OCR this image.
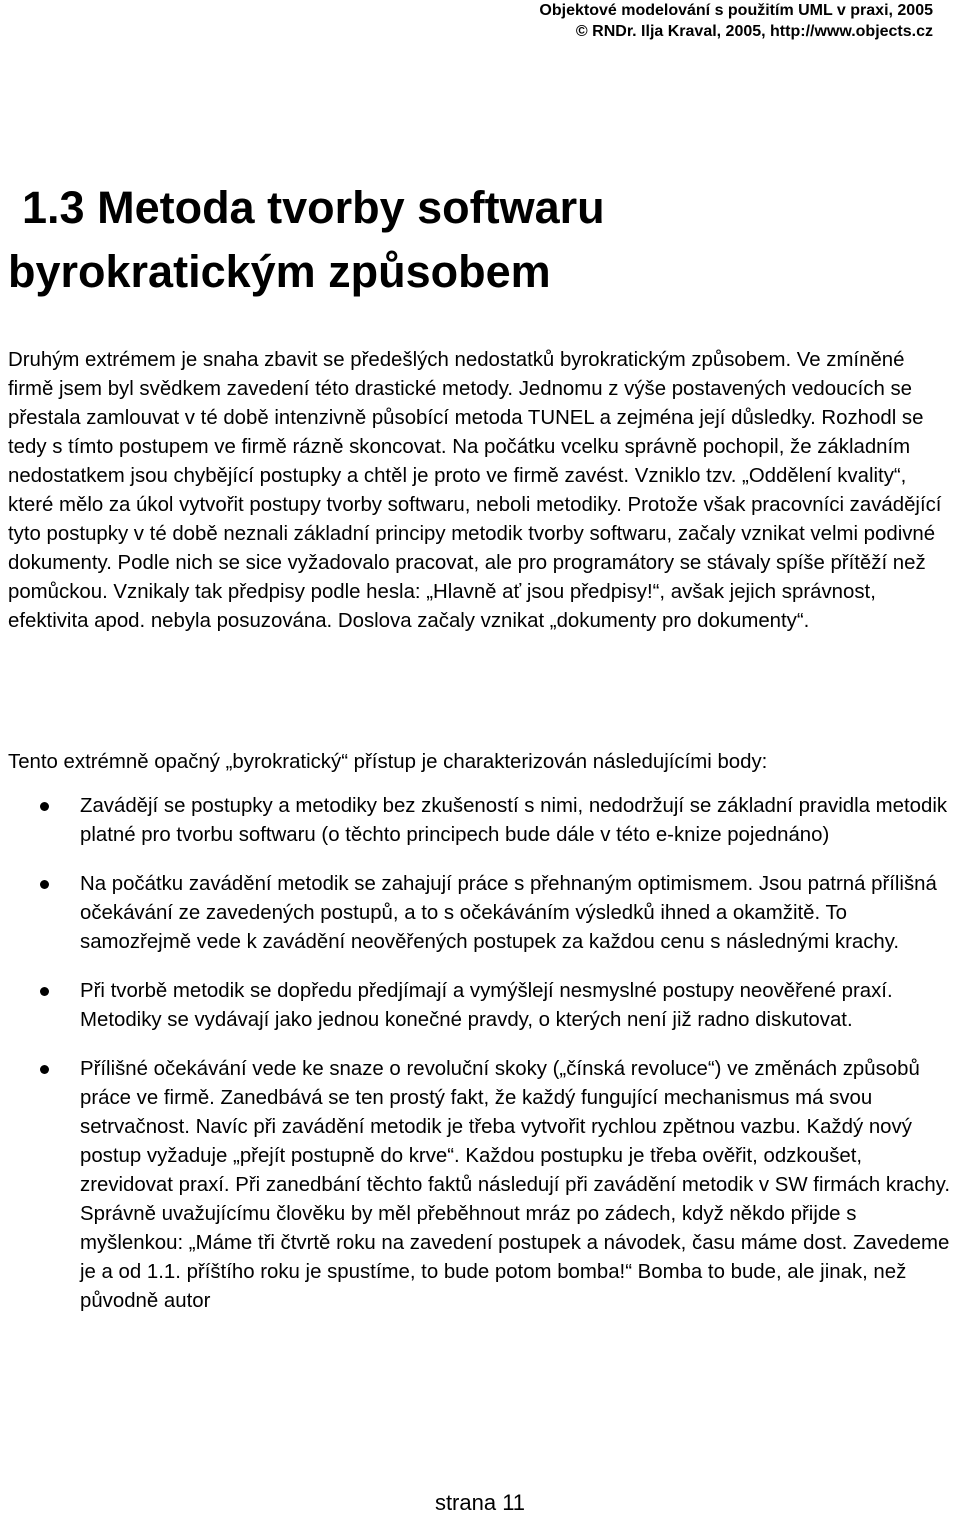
Objektové modelování s použitím UML v praxi, 2005
© RNDr. Ilja Kraval, 2005, http://www.objects.cz
1.3 Metoda tvorby softwaru
byrokratickým způsobem

Druhým extrémem je snaha zbavit se předešlých nedostatků byrokratickým způsobem. Ve zmíněné firmě jsem byl svědkem zavedení této drastické metody. Jednomu z výše postavených vedoucích se přestala zamlouvat v té době intenzivně působící metoda TUNEL a zejména její důsledky. Rozhodl se tedy s tímto postupem ve firmě rázně skoncovat. Na počátku vcelku správně pochopil, že základním nedostatkem jsou chybějící postupky a chtěl je proto ve firmě zavést. Vzniklo tzv. „Oddělení kvality“, které mělo za úkol vytvořit postupy tvorby softwaru, neboli metodiky. Protože však pracovníci zavádějící tyto postupky v té době neznali základní principy metodik tvorby softwaru, začaly vznikat velmi podivné dokumenty. Podle nich se sice vyžadovalo pracovat, ale pro programátory se stávaly spíše přítěží než pomůckou. Vznikaly tak předpisy podle hesla: „Hlavně ať jsou předpisy!“, avšak jejich správnost, efektivita apod. nebyla posuzována. Doslova začaly vznikat „dokumenty pro dokumenty“.

Tento extrémně opačný „byrokratický“ přístup je charakterizován následujícími body:

Zavádějí se postupky a metodiky bez zkušeností s nimi, nedodržují se základní pravidla metodik platné pro tvorbu softwaru (o těchto principech bude dále v této e-knize pojednáno)
Na počátku zavádění metodik se zahajují práce s přehnaným optimismem. Jsou patrná přílišná očekávání ze zavedených postupů, a to s očekáváním výsledků ihned a okamžitě. To samozřejmě vede k zavádění neověřených postupek za každou cenu s následnými krachy.
Při tvorbě metodik se dopředu předjímají a vymýšlejí nesmyslné postupy neověřené praxí. Metodiky se vydávají jako jednou konečné pravdy, o kterých není již radno diskutovat.
Přílišné očekávání vede ke snaze o revoluční skoky („čínská revoluce“) ve změnách způsobů práce ve firmě. Zanedbává se ten prostý fakt, že každý fungující mechanismus má svou setrvačnost. Navíc při zavádění metodik je třeba vytvořit rychlou zpětnou vazbu. Každý nový postup vyžaduje „přejít postupně do krve“. Každou postupku je třeba ověřit, odzkoušet, zrevidovat praxí. Při zanedbání těchto faktů následují při zavádění metodik v SW firmách krachy. Správně uvažujícímu člověku by měl přeběhnout mráz po zádech, když někdo přijde s myšlenkou: „Máme tři čtvrtě roku na zavedení postupek a návodek, času máme dost. Zavedeme je a od 1.1. příštího roku je spustíme, to bude potom bomba!“ Bomba to bude, ale jinak, než původně autor
strana 11
